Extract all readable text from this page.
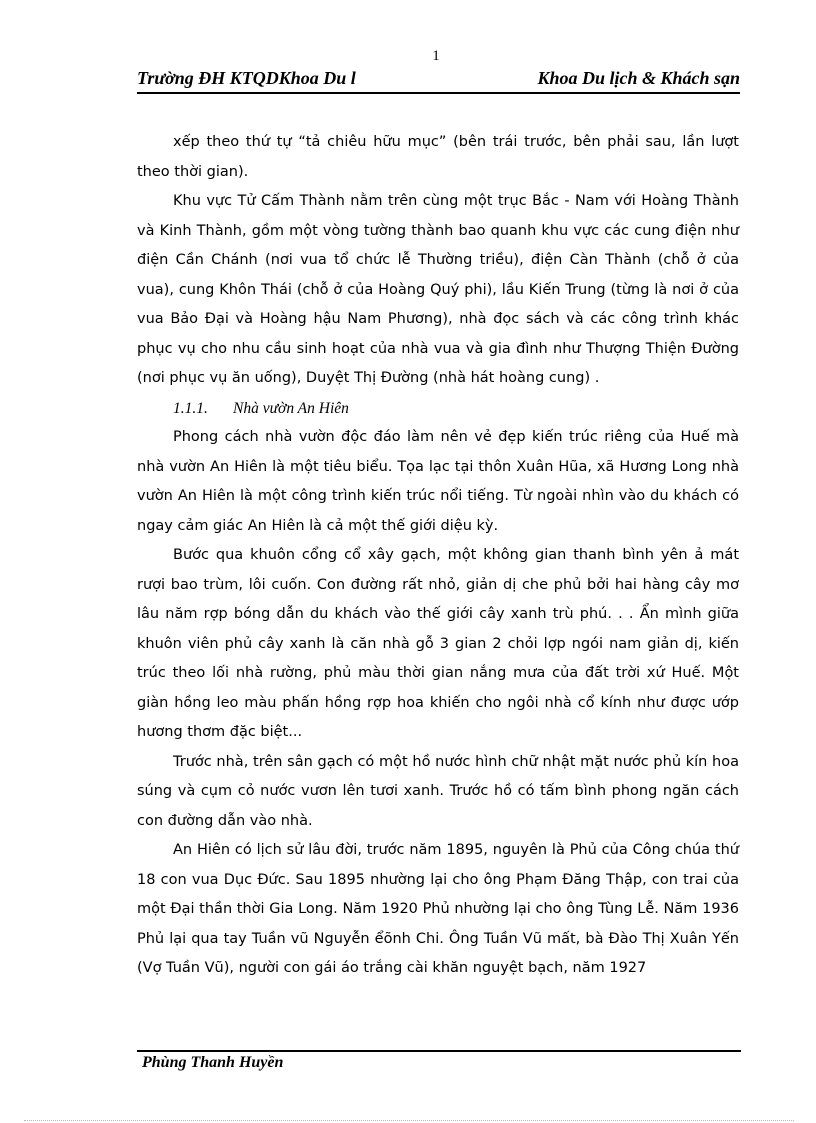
1
Trường ĐH KTQDKhoa Du l	Khoa Du lịch & Khách sạn

xếp theo thứ tự “tả chiêu hữu mục” (bên trái trước, bên phải sau, lần lượt theo thời gian).

Khu vực Tử Cấm Thành nằm trên cùng một trục Bắc - Nam với Hoàng Thành và Kinh Thành, gồm một vòng tường thành bao quanh khu vực các cung điện như điện Cần Chánh (nơi vua tổ chức lễ Thường triều), điện Càn Thành (chỗ ở của vua), cung Khôn Thái (chỗ ở của Hoàng Quý phi), lầu Kiến Trung (từng là nơi ở của vua Bảo Đại và Hoàng hậu Nam Phương), nhà đọc sách và các công trình khác phục vụ cho nhu cầu sinh hoạt của nhà vua và gia đình như Thượng Thiện Đường (nơi phục vụ ăn uống), Duyệt Thị Đường (nhà hát hoàng cung) .

1.1.1. Nhà vườn An Hiên

Phong cách nhà vườn độc đáo làm nên vẻ đẹp kiến trúc riêng của Huế mà nhà vườn An Hiên là một tiêu biểu. Tọa lạc tại thôn Xuân Hũa, xã Hương Long nhà vườn An Hiên là một công trình kiến trúc nổi tiếng. Từ ngoài nhìn vào du khách có ngay cảm giác An Hiên là cả một thế giới diệu kỳ.

Bước qua khuôn cổng cổ xây gạch, một không gian thanh bình yên ả mát rượi bao trùm, lôi cuốn. Con đường rất nhỏ, giản dị che phủ bởi hai hàng cây mơ lâu năm rợp bóng dẫn du khách vào thế giới cây xanh trù phú. . . Ẩn mình giữa khuôn viên phủ cây xanh là căn nhà gỗ 3 gian 2 chỏi lợp ngói nam giản dị, kiến trúc theo lối nhà rường, phủ màu thời gian nắng mưa của đất trời xứ Huế. Một giàn hồng leo màu phấn hồng rợp hoa khiến cho ngôi nhà cổ kính như được ướp hương thơm đặc biệt...

Trước nhà, trên sân gạch có một hồ nước hình chữ nhật mặt nước phủ kín hoa súng và cụm cỏ nước vươn lên tươi xanh. Trước hồ có tấm bình phong ngăn cách con đường dẫn vào nhà.

An Hiên có lịch sử lâu đời, trước năm 1895, nguyên là Phủ của Công chúa thứ 18 con vua Dục Đức. Sau 1895 nhường lại cho ông Phạm Đăng Thập, con trai của một Đại thần thời Gia Long. Năm 1920 Phủ nhường lại cho ông Tùng Lễ. Năm 1936 Phủ lại qua tay Tuần vũ Nguyễn ểõnh Chi. Ông Tuần Vũ mất, bà Đào Thị Xuân Yến (Vợ Tuần Vũ), người con gái áo trắng cài khăn nguyệt bạch, năm 1927

Phùng Thanh Huyền
